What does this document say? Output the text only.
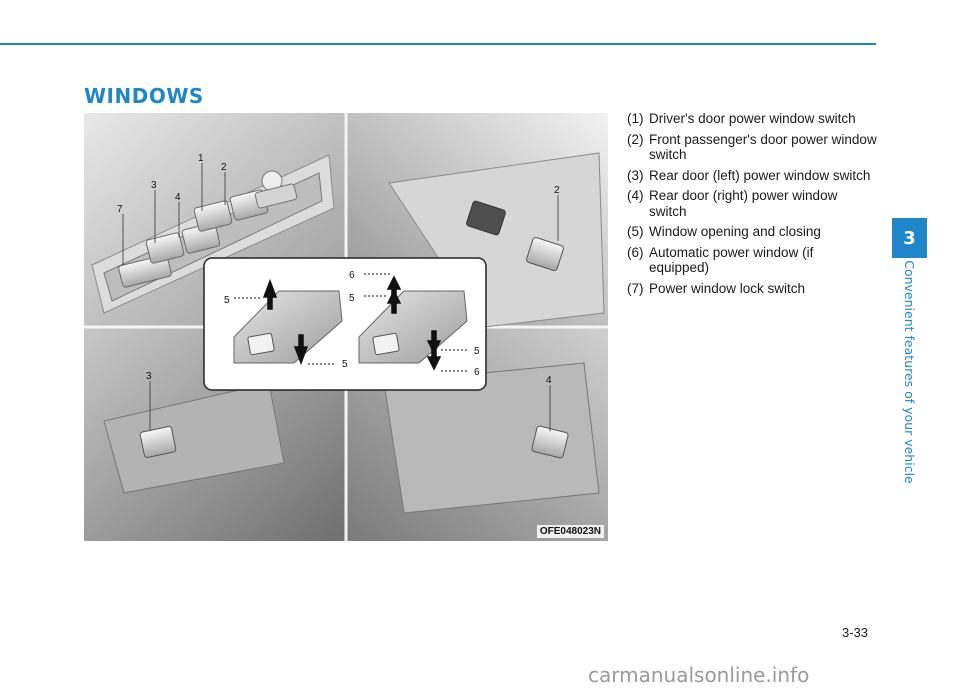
WINDOWS
3
Convenient features of your vehicle
1
2
3
4
7
2
3	4
5
5
6
5
5
6
OFE048023N
(1) Driver's door power window switch
(2) Front passenger's door power window switch
(3) Rear door (left) power window switch
(4) Rear door (right) power window switch
(5) Window opening and closing
(6) Automatic power window (if equipped)
(7) Power window lock switch
3-33
carmanualsonline.info
